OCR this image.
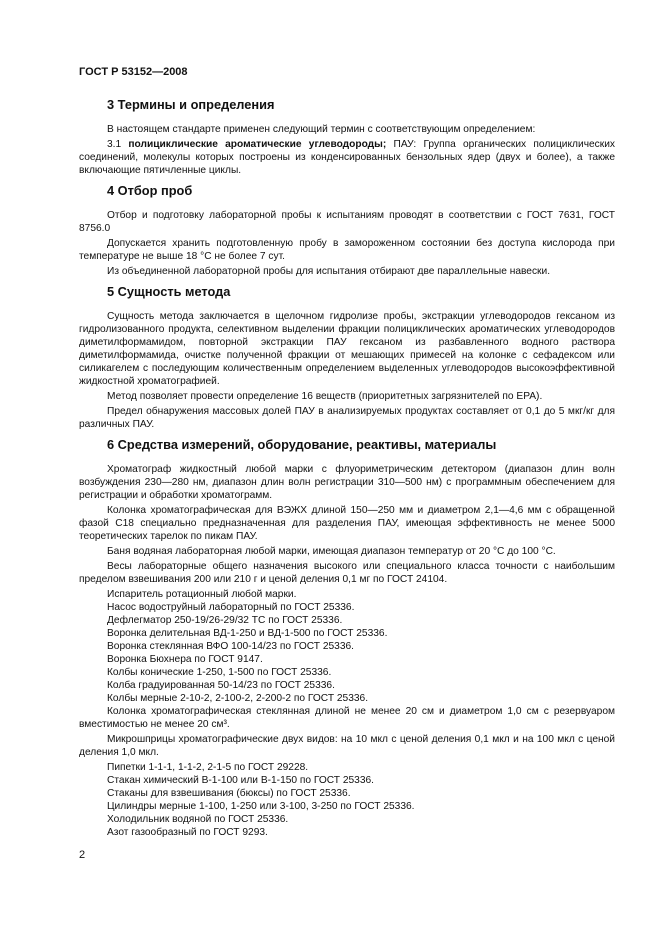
ГОСТ Р 53152—2008
3 Термины и определения

В настоящем стандарте применен следующий термин с соответствующим определением:

3.1 полициклические ароматические углеводороды; ПАУ: Группа органических полициклических соединений, молекулы которых построены из конденсированных бензольных ядер (двух и более), а также включающие пятичленные циклы.

4 Отбор проб

Отбор и подготовку лабораторной пробы к испытаниям проводят в соответствии с ГОСТ 7631, ГОСТ 8756.0

Допускается хранить подготовленную пробу в замороженном состоянии без доступа кислорода при температуре не выше 18 °С не более 7 сут.

Из объединенной лабораторной пробы для испытания отбирают две параллельные навески.

5 Сущность метода

Сущность метода заключается в щелочном гидролизе пробы, экстракции углеводородов гексаном из гидролизованного продукта, селективном выделении фракции полициклических ароматических углеводородов диметилформамидом, повторной экстракции ПАУ гексаном из разбавленного водного раствора диметилформамида, очистке полученной фракции от мешающих примесей на колонке с сефадексом или силикагелем с последующим количественным определением выделенных углеводородов высокоэффективной жидкостной хроматографией.

Метод позволяет провести определение 16 веществ (приоритетных загрязнителей по EPA).

Предел обнаружения массовых долей ПАУ в анализируемых продуктах составляет от 0,1 до 5 мкг/кг для различных ПАУ.

6 Средства измерений, оборудование, реактивы, материалы

Хроматограф жидкостный любой марки с флуориметрическим детектором (диапазон длин волн возбуждения 230—280 нм, диапазон длин волн регистрации 310—500 нм) с программным обеспечением для регистрации и обработки хроматограмм.

Колонка хроматографическая для ВЭЖХ длиной 150—250 мм и диаметром 2,1—4,6 мм с обращенной фазой С18 специально предназначенная для разделения ПАУ, имеющая эффективность не менее 5000 теоретических тарелок по пикам ПАУ.

Баня водяная лабораторная любой марки, имеющая диапазон температур от 20 °С до 100 °С.

Весы лабораторные общего назначения высокого или специального класса точности с наибольшим пределом взвешивания 200 или 210 г и ценой деления 0,1 мг по ГОСТ 24104.

Испаритель ротационный любой марки.

Насос водоструйный лабораторный по ГОСТ 25336.

Дефлегматор 250-19/26-29/32 ТС по ГОСТ 25336.

Воронка делительная ВД-1-250 и ВД-1-500 по ГОСТ 25336.

Воронка стеклянная ВФО 100-14/23 по ГОСТ 25336.

Воронка Бюхнера по ГОСТ 9147.

Колбы конические 1-250, 1-500 по ГОСТ 25336.

Колба градуированная 50-14/23 по ГОСТ 25336.

Колбы мерные 2-10-2, 2-100-2, 2-200-2 по ГОСТ 25336.

Колонка хроматографическая стеклянная длиной не менее 20 см и диаметром 1,0 см с резервуаром вместимостью не менее 20 см³.

Микрошприцы хроматографические двух видов: на 10 мкл с ценой деления 0,1 мкл и на 100 мкл с ценой деления 1,0 мкл.

Пипетки 1-1-1, 1-1-2, 2-1-5 по ГОСТ 29228.

Стакан химический В-1-100 или В-1-150 по ГОСТ 25336.

Стаканы для взвешивания (бюксы) по ГОСТ 25336.

Цилиндры мерные 1-100, 1-250 или 3-100, 3-250 по ГОСТ 25336.

Холодильник водяной по ГОСТ 25336.

Азот газообразный по ГОСТ 9293.

2
